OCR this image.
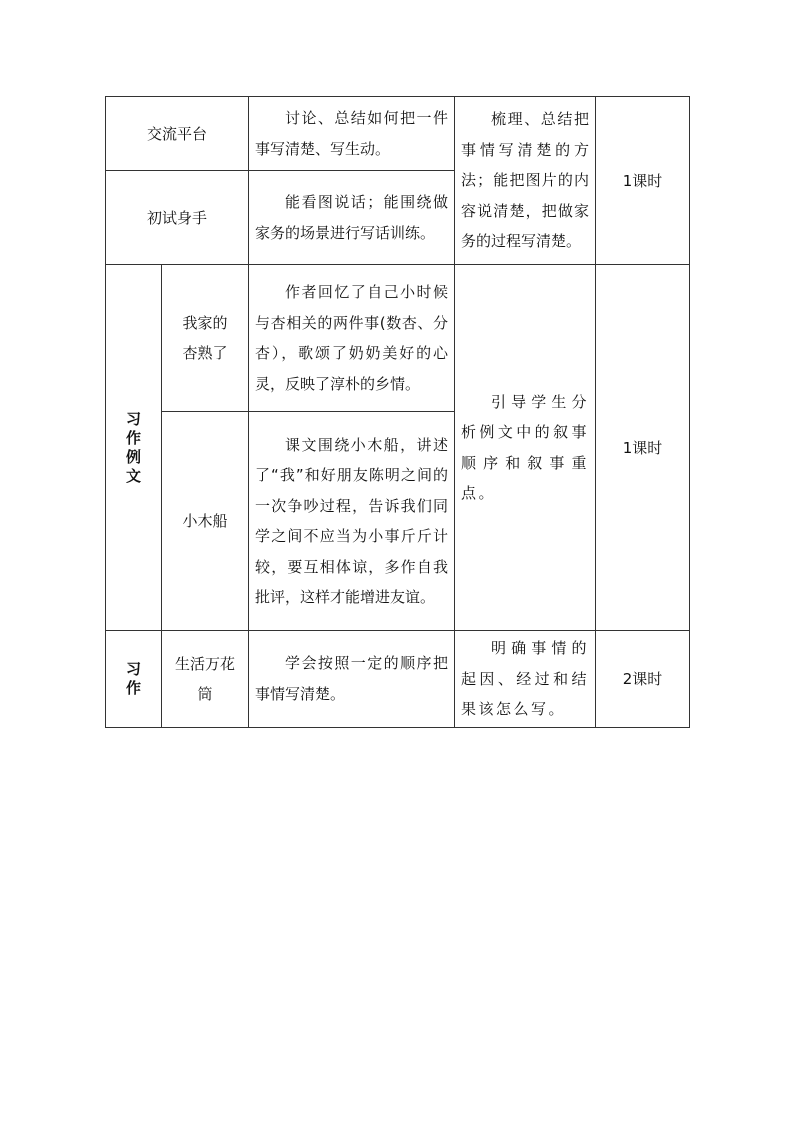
交流平台		讨论、总结如何把一件事写清楚、写生动。	梳理、总结把事情写清楚的方法；能把图片的内容说清楚，把做家务的过程写清楚。	1课时
初试身手		能看图说话；能围绕做家务的场景进行写话训练。		

习
作
例
文	我家的杏熟了	作者回忆了自己小时候与杏相关的两件事(数杏、分杏），歌颂了奶奶美好的心灵，反映了淳朴的乡情。	引导学生分析例文中的叙事顺序和叙事重点。	1课时
	小木船	课文围绕小木船，讲述了“我”和好朋友陈明之间的一次争吵过程，告诉我们同学之间不应当为小事斤斤计较，要互相体谅，多作自我批评，这样才能增进友谊。		

习
作	生活万花筒	学会按照一定的顺序把事情写清楚。	明确事情的起因、经过和结果该怎么写。	2课时
